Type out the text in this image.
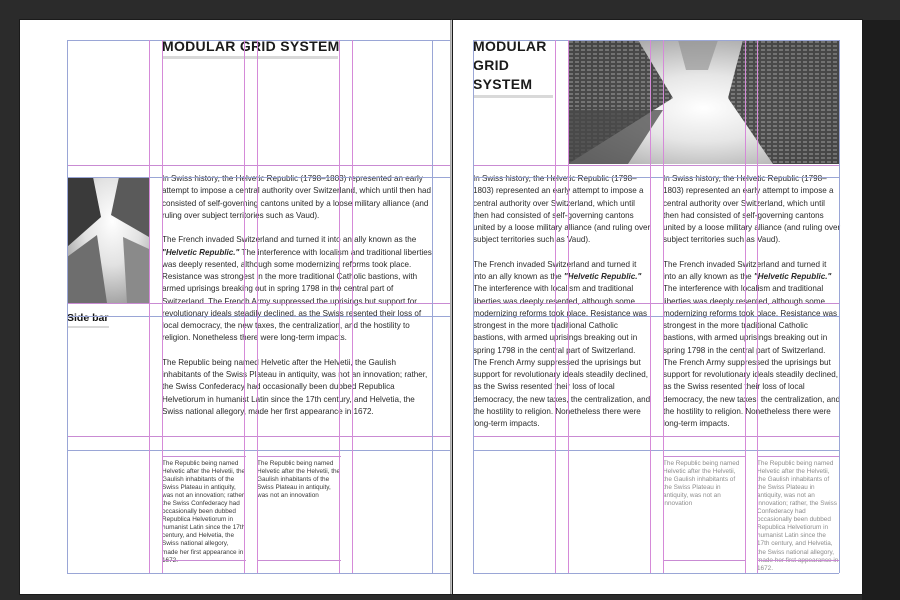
MODULAR GRID SYSTEM
Side bar

In Swiss history, the Helvetic Republic (1798–1803) represented an early attempt to impose a central authority over Switzerland, which until then had consisted of self-governing cantons united by a loose military alliance (and ruling over subject territories such as Vaud).

The French invaded Switzerland and turned it into an ally known as the "Helvetic Republic." The interference with localism and traditional liberties was deeply resented, although some modernizing reforms took place. Resistance was strongest in the more traditional Catholic bastions, with armed uprisings breaking out in spring 1798 in the central part of Switzerland. The French Army suppressed the uprisings but support for revolutionary ideals steadily declined, as the Swiss resented their loss of local democracy, the new taxes, the centralization, and the hostility to religion. Nonetheless there were long-term impacts.

The Republic being named Helvetic after the Helvetii, the Gaulish inhabitants of the Swiss Plateau in antiquity, was not an innovation; rather, the Swiss Confederacy had occasionally been dubbed Republica Helvetiorum in humanist Latin since the 17th century, and Helvetia, the Swiss national allegory, made her first appearance in 1672.

The Republic being named Helvetic after the Helvetii, the Gaulish inhabitants of the Swiss Plateau in antiquity, was not an innovation; rather, the Swiss Confederacy had occasionally been dubbed Republica Helvetiorum in humanist Latin since the 17th century, and Helvetia, the Swiss national allegory, made her first appearance in 1672.
The Republic being named Helvetic after the Helvetii, the Gaulish inhabitants of the Swiss Plateau in antiquity, was not an innovation
MODULAR
GRID
SYSTEM

In Swiss history, the Helvetic Republic (1798–1803) represented an early attempt to impose a central authority over Switzerland, which until then had consisted of self-governing cantons united by a loose military alliance (and ruling over subject territories such as Vaud).

The French invaded Switzerland and turned it into an ally known as the "Helvetic Republic." The interference with localism and traditional liberties was deeply resented, although some modernizing reforms took place. Resistance was strongest in the more traditional Catholic bastions, with armed uprisings breaking out in spring 1798 in the central part of Switzerland. The French Army suppressed the uprisings but support for revolutionary ideals steadily declined, as the Swiss resented their loss of local democracy, the new taxes, the centralization, and the hostility to religion. Nonetheless there were long-term impacts.

In Swiss history, the Helvetic Republic (1798–1803) represented an early attempt to impose a central authority over Switzerland, which until then had consisted of self-governing cantons united by a loose military alliance (and ruling over subject territories such as Vaud).

The French invaded Switzerland and turned it into an ally known as the "Helvetic Republic." The interference with localism and traditional liberties was deeply resented, although some modernizing reforms took place. Resistance was strongest in the more traditional Catholic bastions, with armed uprisings breaking out in spring 1798 in the central part of Switzerland. The French Army suppressed the uprisings but support for revolutionary ideals steadily declined, as the Swiss resented their loss of local democracy, the new taxes, the centralization, and the hostility to religion. Nonetheless there were long-term impacts.

The Republic being named Helvetic after the Helvetii, the Gaulish inhabitants of the Swiss Plateau in antiquity, was not an innovation
The Republic being named Helvetic after the Helvetii, the Gaulish inhabitants of the Swiss Plateau in antiquity, was not an innovation; rather, the Swiss Confederacy had occasionally been dubbed Republica Helvetiorum in humanist Latin since the 17th century, and Helvetia, the Swiss national allegory, made her first appearance in 1672.
